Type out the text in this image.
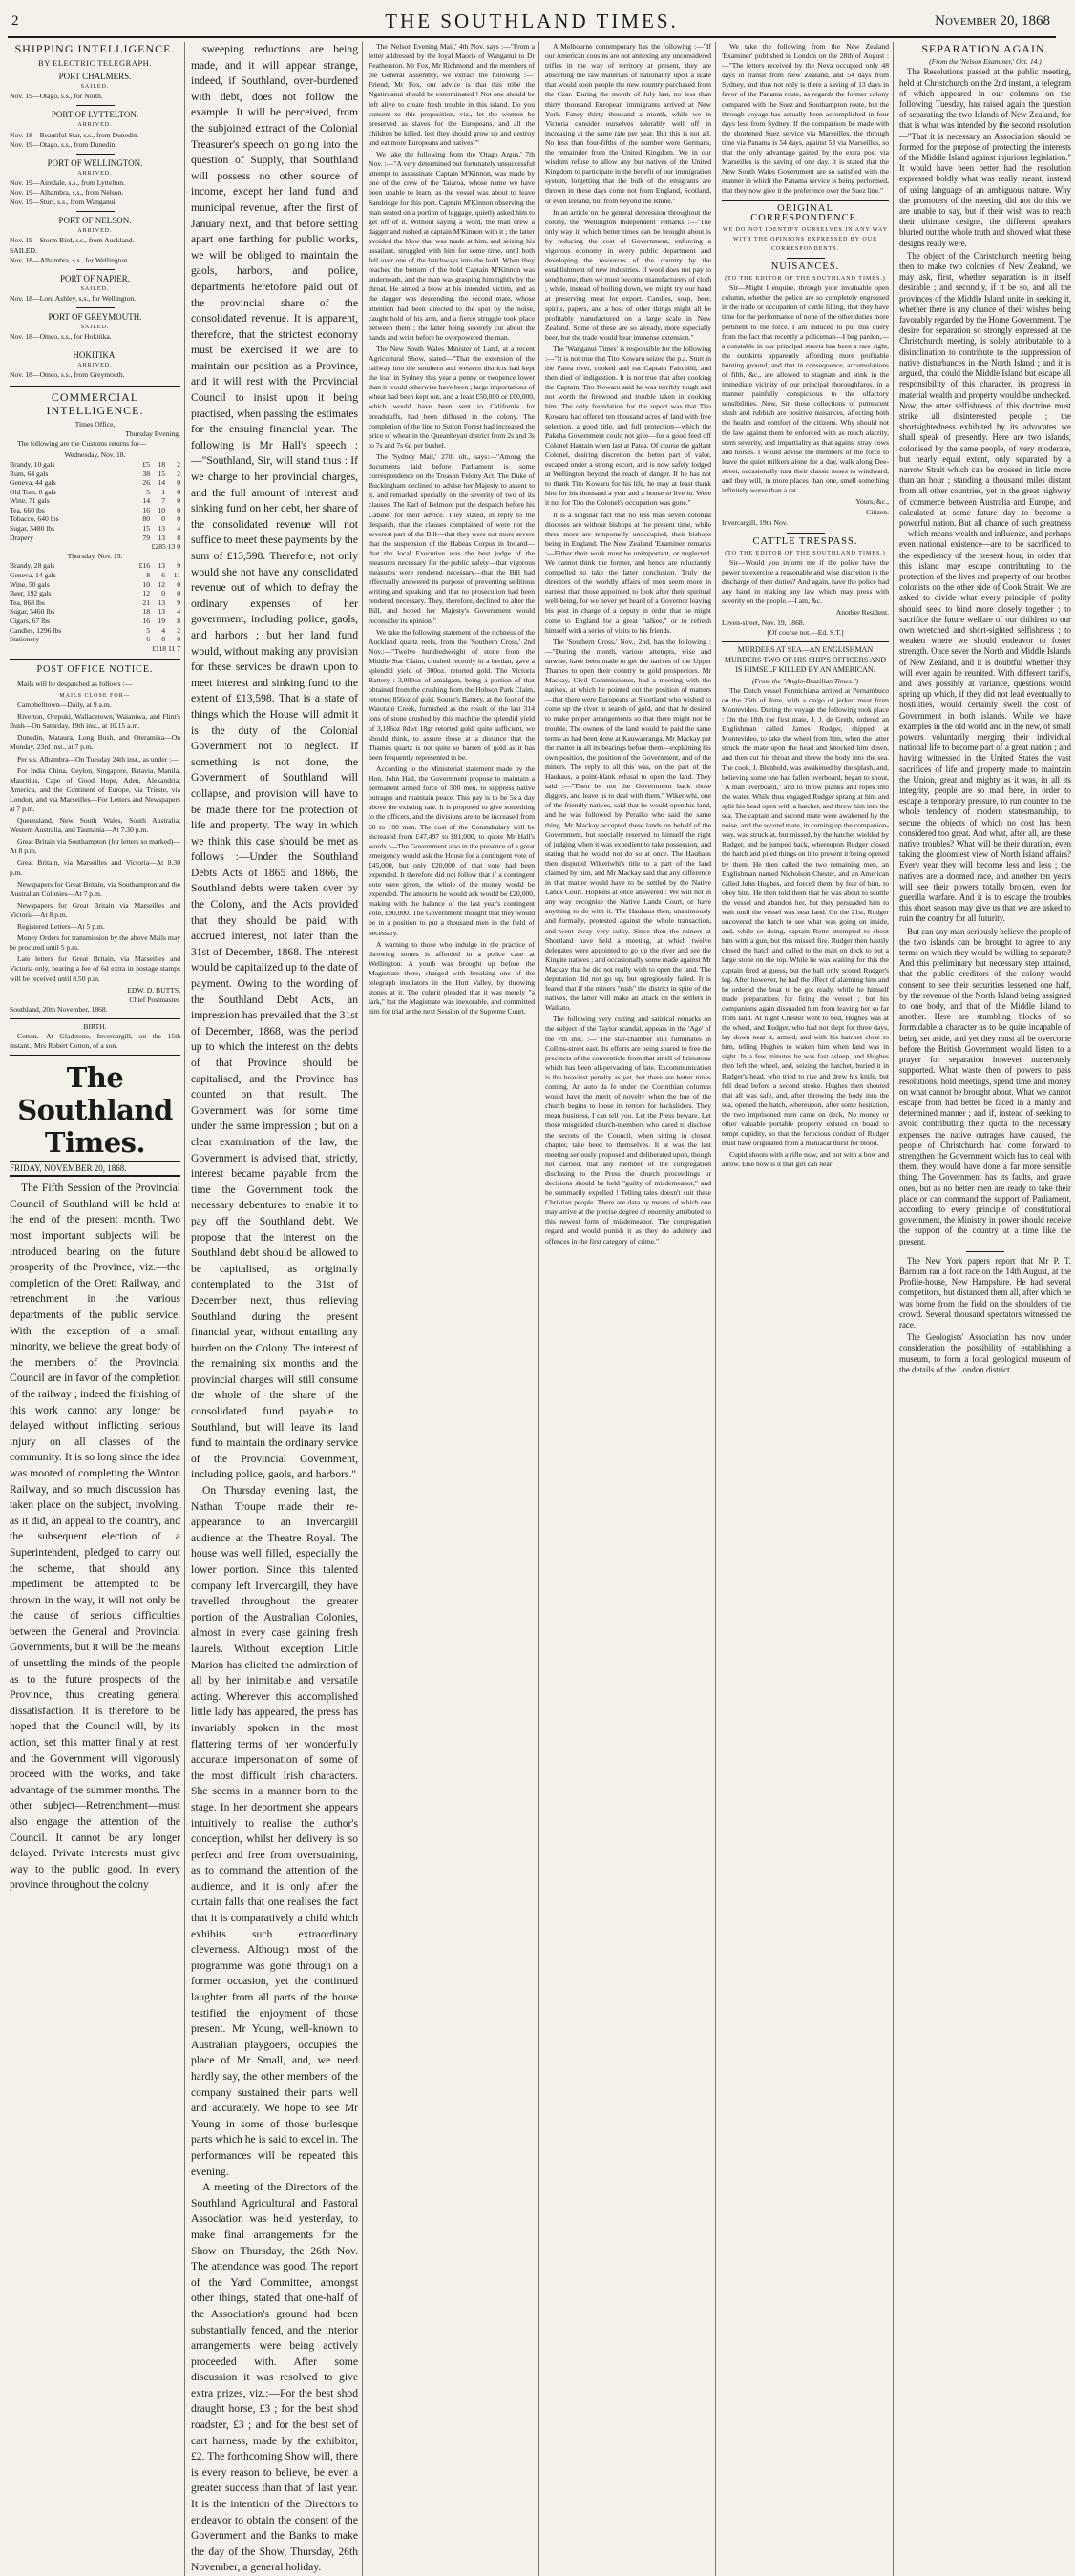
2	THE SOUTHLAND TIMES.	November 20, 1868
SHIPPING INTELLIGENCE.
BY ELECTRIC TELEGRAPH.
PORT CHALMERS.
SAILED.
Nov. 19—Otago, s.s., for North.
PORT OF LYTTELTON.
ARRIVED.
Nov. 18—Beautiful Star, s.s., from Dunedin.
Nov. 19—Otago, s.s., from Dunedin.
PORT OF WELLINGTON.
ARRIVED.
Nov. 19—Airedale, s.s., from Lyttelton.
Nov. 19—Alhambra, s.s., from Nelson.
Nov. 19—Sturt, s.s., from Wanganui.
PORT OF NELSON.
ARRIVED.
Nov. 19—Storm Bird, s.s., from Auckland.
SAILED.
Nov. 18—Alhambra, s.s., for Wellington.
PORT OF NAPIER.
SAILED.
Nov. 18—Lord Ashley, s.s., for Wellington.
PORT OF GREYMOUTH.
SAILED.
Nov. 18—Omeo, s.s., for Hokitika.
HOKITIKA.
ARRIVED.
Nov. 18—Omeo, s.s., from Greymouth.
COMMERCIAL INTELLIGENCE.
Times Office,
Thursday Evening.
The following are the Customs returns for—
Wednesday, Nov. 18.
Brandy, 10 gals	£5	18	2
Rum, 64 gals	38	15	2
Geneva, 44 gals	26	14	0
Old Tom, 8 gals	5	1	8
Wine, 71 gals	14	7	0
Tea, 660 lbs	16	10	0
Tobacco, 640 lbs	80	0	0
Sugar, 5480 lbs	15	13	4
Drapery	79	13	8
£285 13 0
Thursday, Nov. 19.
Brandy, 28 gals	£16	13	9
Geneva, 14 gals	8	6	11
Wine, 50 gals	10	12	0
Beer, 192 gals	12	0	0
Tea, 868 lbs	21	13	9
Sugar, 5460 lbs	18	13	4
Cigars, 67 lbs	16	19	8
Candles, 1296 lbs	5	4	2
Stationery	6	8	0
£118 11 7
POST OFFICE NOTICE.
Mails will be despatched as follows :—
MAILS CLOSE FOR—
Campbelltown—Daily, at 9 a.m.
Riverton, Orepuki, Wallacetown, Waianiwa, and Flint's Bush—On Saturday, 19th inst., at 10.15 a.m.
Dunedin, Mataura, Long Bush, and Oteramika—On Monday, 23rd inst., at 7 p.m.
Per s.s. Alhambra—On Tuesday 24th inst., as under :—
For India China, Ceylon, Singapore, Batavia, Manila, Mauritius, Cape of Good Hope, Aden, Alexandria, America, and the Continent of Europe, via Trieste, via London, and via Marseilles—For Letters and Newspapers at 7 p.m.
Queensland, New South Wales, South Australia, Western Australia, and Tasmania—At 7.30 p.m.
Great Britain via Southampton (for letters so marked)—At 8 p.m.
Great Britain, via Marseilles and Victoria—At 8.30 p.m.
Newspapers for Great Britain, via Southampton and the Australian Colonies—At 7 p.m.
Newspapers for Great Britain via Marseilles and Victoria—At 8 p.m.
Registered Letters—At 5 p.m.
Money Orders for transmission by the above Mails may be procured until 5 p.m.
Late letters for Great Britain, via Marseilles and Victoria only, bearing a fee of 6d extra in postage stamps will be received until 8.50 p.m.
EDW. D. BUTTS,
Chief Postmaster.
Southland, 20th November, 1868.
BIRTH.
Cotton.—At Gladstone, Invercargill, on the 15th instant., Mrs Robert Cotton, of a son.
The Southland Times.
FRIDAY, NOVEMBER 20, 1868.
The Fifth Session of the Provincial Council of Southland will be held at the end of the present month. Two most important subjects will be introduced bearing on the future prosperity of the Province, viz.—the completion of the Oreti Railway, and retrenchment in the various departments of the public service. With the exception of a small minority, we believe the great body of the members of the Provincial Council are in favor of the completion of the railway ; indeed the finishing of this work cannot any longer be delayed without inflicting serious injury on all classes of the community. It is so long since the idea was mooted of completing the Winton Railway, and so much discussion has taken place on the subject, involving, as it did, an appeal to the country, and the subsequent election of a Superintendent, pledged to carry out the scheme, that should any impediment be attempted to be thrown in the way, it will not only be the cause of serious difficulties between the General and Provincial Governments, but it will be the means of unsettling the minds of the people as to the future prospects of the Province, thus creating general dissatisfaction. It is therefore to be hoped that the Council will, by its action, set this matter finally at rest, and the Government will vigorously proceed with the works, and take advantage of the summer months. The other subject—Retrenchment—must also engage the attention of the Council. It cannot be any longer delayed. Private interests must give way to the public good. In every province throughout the colony
sweeping reductions are being made, and it will appear strange, indeed, if Southland, over-burdened with debt, does not follow the example. It will be perceived, from the subjoined extract of the Colonial Treasurer's speech on going into the question of Supply, that Southland will possess no other source of income, except her land fund and municipal revenue, after the first of January next, and that before setting apart one farthing for public works, we will be obliged to maintain the gaols, harbors, and police, departments heretofore paid out of the provincial share of the consolidated revenue. It is apparent, therefore, that the strictest economy must be exercised if we are to maintain our position as a Province, and it will rest with the Provincial Council to insist upon it being practised, when passing the estimates for the ensuing financial year. The following is Mr Hall's speech :—"Southland, Sir, will stand thus : If we charge to her provincial charges, and the full amount of interest and sinking fund on her debt, her share of the consolidated revenue will not suffice to meet these payments by the sum of £13,598. Therefore, not only would she not have any consolidated revenue out of which to defray the ordinary expenses of her government, including police, gaols, and harbors ; but her land fund would, without making any provision for these services be drawn upon to meet interest and sinking fund to the extent of £13,598. That is a state of things which the House will admit it is the duty of the Colonial Government not to neglect. If something is not done, the Government of Southland will collapse, and provision will have to be made there for the protection of life and property. The way in which we think this case should be met as follows :—Under the Southland Debts Acts of 1865 and 1866, the Southland debts were taken over by the Colony, and the Acts provided that they should be paid, with accrued interest, not later than the 31st of December, 1868. The interest would be capitalized up to the date of payment. Owing to the wording of the Southland Debt Acts, an impression has prevailed that the 31st of December, 1868, was the period up to which the interest on the debts of that Province should be capitalised, and the Province has counted on that result. The Government was for some time under the same impression ; but on a clear examination of the law, the Government is advised that, strictly, interest became payable from the time the Government took the necessary debentures to enable it to pay off the Southland debt. We propose that the interest on the Southland debt should be allowed to be capitalised, as originally contemplated to the 31st of December next, thus relieving Southland during the present financial year, without entailing any burden on the Colony. The interest of the remaining six months and the provincial charges will still consume the whole of the share of the consolidated fund payable to Southland, but will leave its land fund to maintain the ordinary service of the Provincial Government, including police, gaols, and harbors."
On Thursday evening last, the Nathan Troupe made their re-appearance to an Invercargill audience at the Theatre Royal. The house was well filled, especially the lower portion. Since this talented company left Invercargill, they have travelled throughout the greater portion of the Australian Colonies, almost in every case gaining fresh laurels. Without exception Little Marion has elicited the admiration of all by her inimitable and versatile acting. Wherever this accomplished little lady has appeared, the press has invariably spoken in the most flattering terms of her wonderfully accurate impersonation of some of the most difficult Irish characters. She seems in a manner born to the stage. In her deportment she appears intuitively to realise the author's conception, whilst her delivery is so perfect and free from overstraining, as to command the attention of the audience, and it is only after the curtain falls that one realises the fact that it is comparatively a child which exhibits such extraordinary cleverness. Although most of the programme was gone through on a former occasion, yet the continued laughter from all parts of the house testified the enjoyment of those present. Mr Young, well-known to Australian playgoers, occupies the place of Mr Small, and, we need hardly say, the other members of the company sustained their parts well and accurately. We hope to see Mr Young in some of those burlesque parts which he is said to excel in. The performances will be repeated this evening.
A meeting of the Directors of the Southland Agricultural and Pastoral Association was held yesterday, to make final arrangements for the Show on Thursday, the 26th Nov. The attendance was good. The report of the Yard Committee, amongst other things, stated that one-half of the Association's ground had been substantially fenced, and the interior arrangements were being actively proceeded with. After some discussion it was resolved to give extra prizes, viz.:—For the best shod draught horse, £3 ; for the best shod roadster, £3 ; and for the best set of cart harness, made by the exhibitor, £2. The forthcoming Show will, there is every reason to believe, be even a greater success than that of last year. It is the intention of the Directors to endeavor to obtain the consent of the Government and the Banks to make the day of the Show, Thursday, 26th November, a general holiday.
The 'Nelson Evening Mail,' 4th Nov. says :—"From a letter addressed by the loyal Maoris of Wanganui to Dr Featherston. Mr Fox, Mr Richmond, and the members of the General Assembly, we extract the following :—' Friend, Mr Fox, our advice is that this tribe the Ngatiruanui should be exterminated ! Not one should be left alive to create fresh trouble in this island. Do you consent to this proposition, viz., let the women be preserved as slaves for the Europeans, and all the children be killed, lest they should grow up and destroy and eat more Europeans and natives.'"
We take the following from the 'Otago Argus,' 7th Nov. :—"A very determined but fortunately unsuccessful attempt to assassinate Captain M'Kinnon, was made by one of the crew of the Taiaroa, whose name we have been unable to learn, as the vessel was about to leave Sandridge for this port. Captain M'Kinnon observing the man seated on a portion of luggage, quietly asked him to get off of it. Without saying a word, the man drew a dagger and rushed at captain M'Kinnon with it ; the latter avoided the blow that was made at him, and seizing his assailant, struggled with him for some time, until both fell over one of the hatchways into the hold. When they reached the bottom of the hold Captain M'Kinnon was underneath, and the man was grasping him tightly by the throat. He aimed a blow at his intended victim, and as the dagger was descending, the second mate, whose attention had been directed to the spot by the noise, caught hold of his arm, and a fierce struggle took place between them ; the latter being severely cut about the hands and wrist before he overpowered the man.
The New South Wales Minister of Land, at a recent Agricultural Show, stated—"That the extension of the railway into the southern and western districts had kept the loaf in Sydney this year a penny or twopence lower than it would otherwise have been ; large importations of wheat had been kept out, and a least £50,000 or £60,000, which would have been sent to California for breadstuffs, had been diffused in the colony. The completion of the line to Sutton Forest had increased the price of wheat in the Queanbeyan district from 2s and 3s to 7s and 7s 6d per bushel.
The 'Sydney Mail,' 27th ult., says:—"Among the documents laid before Parliament is some correspondence on the Treason Felony Act. The Duke of Buckingham declined to advise her Majesty to assent to it, and remarked specially on the severity of two of its clauses. The Earl of Belmore put the despatch before his Cabinet for their advice. They stated, in reply to the despatch, that the clauses complained of were not the severest part of the Bill—that they were not more severe that the suspension of the Habeas Corpus in Ireland—that the local Executive was the best judge of the measures necessary for the public safety—that vigorous measures were rendered necessary—that the Bill had effectually answered its purpose of preventing seditious writing and speaking, and that no prosecution had been rendered necessary. They, therefore, declined to alter the Bill, and hoped her Majesty's Government would reconsider its opinion."
We take the following statement of the richness of the Auckland quartz reefs, from the 'Southern Cross,' 2nd Nov.:—"Twelve hundredweight of stone from the Middle Star Claim, crushed recently in a berdan, gave a splendid yield of 300oz. retorted gold. The Victoria Battery : 3,000oz of amalgam, being a portion of that obtained from the crushing from the Hobson Park Claim, retorted 856oz of gold. Souter's Battery, at the foot of the Waiotahi Creek, furnished as the result of the last 314 tons of stone crushed by this machine the splendid yield of 3,186oz 8dwt 18gr retorted gold, quite sufficient, we should think, to assure those at a distance that the Thames quartz is not quite so barren of gold as it has been frequently represented to be.
According to the Ministerial statement made by the Hon. John Hall, the Government propose to maintain a permanent armed force of 500 men, to suppress native outrages and maintain peace. This pay is to be 5s a day above the existing rate. It is proposed to give something to the officers, and the divisions are to be increased from 60 to 100 men. The cost of the Constabulary will be increased from £47,497 to £81,000, to quote Mr Hall's words :—The Government also in the presence of a great emergency would ask the House for a contingent vote of £45,000, but only £20,000 of that vote had been expended. It therefore did not follow that if a contingent vote were given, the whole of the money would be expended. The amounts he would ask would be £20,000, making with the balance of the last year's contingent vote, £90,000. The Government thought that they would be in a position to put a thousand men in the field of necessary.
A warning to those who indulge in the practice of throwing stones is afforded in a police case at Wellington. A youth was brought up before the Magistrate there, charged with breaking one of the telegraph insulators in the Hutt Valley, by throwing stones at it. The culprit pleaded that it was merely "a lark," but the Magistrate was inexorable, and committed him for trial at the next Session of the Supreme Court.
A Melbourne contemporary has the following :—"If our American cousins are not annexing any unconsidered trifles in the way of territory at present, they are absorbing the raw materials of nationality upon a scale that would soon people the new country purchased from the Czar. During the month of July last, no less than thirty thousand European immigrants arrived at New York. Fancy thirty thousand a month, while we in Victoria consider ourselves tolerably well off in increasing at the same rate per year. But this is not all. No less than four-fifths of the number were Germans, the remainder from the United Kingdom. We in our wisdom refuse to allow any but natives of the United Kingdom to participate in the benefit of our immigration system, forgetting that the bulk of the emigrants are thrown in these days come not from England, Scotland, or even Ireland, but from beyond the Rhine."
In an article on the general depression throughout the colony, the 'Wellington Independent' remarks :—"The only way in which better times can be brought about is by reducing the cost of Government, enforcing a vigorous economy in every public department and developing the resources of the country by the establishment of new industries. If wool does not pay to send home, then we must become manufacturers of cloth ; while, instead of boiling down, we might try our hand at preserving meat for export. Candles, soap, beer, spirits, papers, and a host of other things might all be profitably manufactured on a large scale in New Zealand. Some of these are so already, more especially beer, but the trade would bear immense extension."
The 'Wanganui Times' is responsible for the following :—"It is not true that Tito Kowaru seized the p.a. Sturt in the Patea river, cooked and eat Captain Fairchild, and then died of indigestion. It is not true that after cooking the Captain, Tito Kowaru said he was terribly tough and not worth the firewood and trouble taken in cooking him. The only foundation for the report was that Tito Kowaru had offered ten thousand acres of land with free selection, a good title, and full protection—which the Pakeha Government could not give—for a good feed off Colonel Hautain when last at Patea. Of course the gallant Colonel, desiring discretion the better part of valor, escaped under a strong escort, and is now safely lodged at Wellington beyond the reach of danger. If he has not to thank Tito Kowaru for his life, he may at least thank him for his thousand a year and a house to live in. Were it not for Tito the Colonel's occupation was gone."
It is a singular fact that no less than seven colonial dioceses are without bishops at the present time, while three more are temporarily unoccupied, their bishops being in England. The New Zealand 'Examiner' remarks :—Either their work must be unimportant, or neglected. We cannot think the former, and hence are reluctantly compelled to take the latter conclusion. Truly the directors of the worldly affairs of men seem more in earnest than those appointed to look after their spiritual well-being, for we never yet heard of a Governor leaving his post in charge of a deputy in order that he might come to England for a great "talkee," or to refresh himself with a series of visits to his friends.
The 'Southern Cross,' Nov., 2nd, has the following :—"During the month, various attempts, wise and unwise, have been made to get the natives of the Upper Thames to open their country to gold prospectors. Mr Mackay, Civil Commissioner, had a meeting with the natives, at which he pointed out the position of matters—that there were Europeans at Shortland who wished to come up the river in search of gold, and that he desired to make proper arrangements so that there might not be trouble. The owners of the land would be paid the same terms as had been done at Kauwaeranga. Mr Mackay put the matter in all its bearings before them—explaining his own position, the position of the Government, and of the miners. The reply to all this was, on the part of the Hauhaus, a point-blank refusal to open the land. They said :—"Then let not the Government back those diggers, and leave us to deal with them." Wikeriwhi, one of the friendly natives, said that he would open his land, and he was followed by Peraiko who said the same thing. Mr Mackay accepted these lands on behalf of the Government, but specially reserved to himself the right of judging when it was expedient to take possession, and stating that he would not do so at once. The Hauhaus then disputed Wikeriwhi's title to a part of the land claimed by him, and Mr Mackay said that any difference in that matter would have to be settled by the Native Lands Court. Hopkins at once answered : We will not in any way recognise the Native Lands Court, or have anything to do with it. The Hauhaus then, unanimously and formally, protested against the whole transaction, and went away very sulky. Since then the miners at Shortland have held a meeting, at which twelve delegates were appointed to go up the river and see the Kingite natives ; and occasionally some made against Mr Mackay that he did not really wish to open the land. The deputation did not go up, but egregiously failed. It is feared that if the miners "rush" the district in spite of the natives, the latter will make an attack on the settlers in Waikato.
The following very cutting and satirical remarks on the subject of the Taylor scandal, appears in the 'Age' of the 7th inst. :—"The star-chamber still fulminates in Collins-street east. Its efforts are being spared to free the precincts of the conventicle from that smell of brimstone which has been all-pervading of late. Excommunication is the heaviest penalty as yet, but there are better times coming. An auto da fe under the Corinthian columns would have the merit of novelty when the hue of the church begins to loose its terrors for backsliders. They mean business, I can tell you. Let the Press beware. Let those misguided church-members who dared to disclose the secrets of the Council, when sitting in closest chapter, take heed to themselves. It at was the last meeting seriously proposed and deliberated upon, though not carried, that any member of the congregation disclosing to the Press the church proceedings or decisions should be held "guilty of misdemeanor," and be summarily expelled ! Telling tales doesn't suit these Christian people. There are data by means of which one may arrive at the precise degree of enormity attributed to this newest form of misdemeanor. The congregation regard and would punish it as they do adultery and offences in the first category of crime."
We take the following from the New Zealand 'Examiner' published in London on the 28th of August :—"The letters received by the Neva occupied only 48 days in transit from New Zealand, and 54 days from Sydney, and thus not only is there a saving of 13 days in favor of the Panama route, as regards the former colony compared with the Suez and Southampton route, but the through voyage has actually been accomplished in four days less from Sydney. If the comparison be made with the shortened Suez service via Marseilles, the through time via Panama is 54 days, against 53 via Marseilles, so that the only advantage gained by the extra post via Marseilles is the saving of one day. It is stated that the New South Wales Government are so satisfied with the manner in which the Panama service is being performed, that they now give it the preference over the Suez line."
ORIGINAL CORRESPONDENCE.
WE DO NOT IDENTIFY OURSELVES IN ANY WAY WITH THE OPINIONS EXPRESSED BY OUR CORRESPONDENTS.
NUISANCES.
(TO THE EDITOR OF THE SOUTHLAND TIMES.)
Sir—Might I enquire, through your invaluable open column, whether the police are so completely engrossed in the trade or occupation of cattle lifting, that they have time for the performance of none of the other duties more pertinent to the force. I am induced to put this query from the fact that recently a policeman—I beg pardon,—a constable in our principal streets has been a rare sight, the outskirts apparently affording more profitable hunting ground, and that in consequence, accumulations of filth, &c., are allowed to stagnate and stink in the immediate vicinity of our principal thoroughfares, in a manner painfully conspicuous to the olfactory sensibilities. Now, Sir, these collections of putrescent slush and rubbish are positive nuisances, affecting both the health and comfort of the citizens. Why should not the law against them be enforced with as much alacrity, stern severity, and impartiality as that against stray cows and horses. I would advise the members of the force to leave the quiet milkers alone for a day, walk along Dee-street, occasionally turn their classic noses to windward, and they will, in more places than one, smell something infinitely worse than a rat.
Yours, &c.,
Citizen.
Invercargill, 19th Nov.
CATTLE TRESPASS.
(TO THE EDITOR OF THE SOUTHLAND TIMES.)
Sir—Would you inform me if the police have the power to exercise a reasonable and wise discretion in the discharge of their duties? And again, have the police had any hand in making any law which may press with severity on the people.—I am, &c.
Another Resident.
Leven-street, Nov. 19, 1868.
[Of course not.—Ed. S.T.]
MURDERS AT SEA—AN ENGLISHMAN MURDERS TWO OF HIS SHIP'S OFFICERS AND IS HIMSELF KILLED BY AN AMERICAN.
(From the "Anglo-Brazilian Times.")
The Dutch vessel Fennichiana arrived at Pernambuco on the 25th of June, with a cargo of jerked meat from Montevideo. During the voyage the following took place : On the 18th the first mate, J. J. de Greth, ordered an Englishman called James Rudger, shipped at Montevideo, to take the wheel from him, when the latter struck the mate upon the head and knocked him down, and then cut his throat and threw the body into the sea. The cook, J. Blenhold, was awakened by the splash, and, believing some one had fallen overboard, began to shout, "A man overboard," and to throw planks and ropes into the water. While thus engaged Rudger sprang at him and split his head open with a hatchet, and threw him into the sea. The captain and second mate were awakened by the noise, and the second mate, in coming up the companion-way, was struck at, but missed, by the hatchet wielded by Rudger, and he jumped back, whereupon Rudger closed the hatch and piled things on it to prevent it being opened by them. He then called the two remaining men, an Englishman named Nicholson Chester, and an American called John Hughes, and forced them, by fear of him, to obey him. He then told them that he was about to scuttle the vessel and abandon her, but they persuaded him to wait until the vessel was near land. On the 21st, Rudger uncovered the hatch to see what was going on inside, and, while so doing, captain Rotte attempted to shoot him with a gun, but this missed fire. Rudger then hastily closed the hatch and called to the man on deck to put a large stone on the top. While he was waiting for this the captain fired at guess, but the ball only scored Rudger's leg. After however, he had the effect of alarming him and he ordered the boat to be got ready, while he himself made preparations for firing the vessel ; but his companions again dissuaded him from leaving her so far from land. At night Chester went to bed, Hughes was at the wheel, and Rudger, who had not slept for three days, lay down near it, armed, and with his hatchet close to him, telling Hughes to waken him when land was in sight. In a few minutes he was fast asleep, and Hughes then left the wheel, and, seizing the hatchet, buried it in Rudger's head, who tried to rise and drew his knife, but fell dead before a second stroke. Hughes then shouted that all was safe, and, after throwing the body into the sea, opened the hatch, whereupon, after some hesitation, the two imprisoned men came on deck, No money or other valuable portable property existed on board to tempt cupidity, so that the ferocious conduct of Rudger must have originated from a maniacal thirst for blood.
Cupid shoots with a rifle now, and not with a bow and arrow. Else how is it that girl can hear
SEPARATION AGAIN.
(From the 'Nelson Examiner,' Oct. 14.)
The Resolutions passed at the public meeting, held at Christchurch on the 2nd instant, a telegram of which appeared in our columns on the following Tuesday, has raised again the question of separating the two Islands of New Zealand, for that is what was intended by the second resolution—"That it is necessary an Association should be formed for the purpose of protecting the interests of the Middle Island against injurious legislation." It would have been better had the resolution expressed boldly what was really meant, instead of using language of an ambiguous nature. Why the promoters of the meeting did not do this we are unable to say, but if their wish was to reach their ultimate designs, the different speakers blurted out the whole truth and showed what these designs really were.
The object of the Christchurch meeting being then to make two colonies of New Zealand, we may ask, first, whether separation is in itself desirable ; and secondly, if it be so, and all the provinces of the Middle Island unite in seeking it, whether there is any chance of their wishes being favorably regarded by the Home Government. The desire for separation so strongly expressed at the Christchurch meeting, is solely attributable to a disinclination to contribute to the suppression of native disturbances in the North Island ; and it is argued, that could the Middle Island but escape all responsibility of this character, its progress in material wealth and property would be unchecked. Now, the utter selfishness of this doctrine must strike all disinterested people ; the shortsightedness exhibited by its advocates we shall speak of presently. Here are two islands, colonised by the same people, of very moderate, but nearly equal extent, only separated by a narrow Strait which can be crossed in little more than an hour ; standing a thousand miles distant from all other countries, yet in the great highway of commerce between Australia and Europe, and calculated at some future day to become a powerful nation. But all chance of such greatness—which means wealth and influence, and perhaps even national existence—are to be sacrificed to the expediency of the present hour, in order that this island may escape contributing to the protection of the lives and property of our brother colonists on the other side of Cook Strait. We are asked to divide what every principle of polity should seek to bind more closely together ; to sacrifice the future welfare of our children to our own wretched and short-sighted selfishness ; to weaken where we should endeavor to foster strength. Once sever the North and Middle Islands of New Zealand, and it is doubtful whether they will ever again be reunited. With different tariffs, and laws possibly at variance, questions would spring up which, if they did not lead eventually to hostilities, would certainly swell the cost of Government in both islands. While we have examples in the old world and in the new, of small powers voluntarily merging their individual national life to become part of a great nation ; and having witnessed in the United States the vast sacrifices of life and property made to maintain the Union, great and mighty as it was, in all its integrity, people are so mad here, in order to escape a temporary pressure, to run counter to the whole tendency of modern statesmanship, to secure the objects of which no cost has been considered too great. And what, after all, are these native troubles? What will be their duration, even taking the gloomiest view of North Island affairs? Every year they will become less and less ; the natives are a doomed race, and another ten years will see their powers totally broken, even for guerilla warfare. And it is to escape the troubles this short season may give us that we are asked to ruin the country for all futurity.
But can any man seriously believe the people of the two islands can be brought to agree to any terms on which they would be willing to separate? And this preliminary but necessary step attained, that the public creditors of the colony would consent to see their securities lessened one half, by the revenue of the North Island being assigned to one body, and that of the Middle Island to another. Here are stumbling blocks of so formidable a character as to be quite incapable of being set aside, and yet they must all be overcome before the British Government would listen to a prayer for separation however numerously supported. What waste then of powers to pass resolutions, hold meetings, spend time and money on what cannot be brought about. What we cannot escape from had better be faced in a manly and determined manner ; and if, instead of seeking to avoid contributing their quota to the necessary expenses the native outrages have caused, the people of Christchurch had come forward to strengthen the Government which has to deal with them, they would have done a far more sensible thing. The Government has its faults, and grave ones, but as no better men are ready to take their place or can command the support of Parliament, according to every principle of constitutional government, the Ministry in power should receive the support of the country at a time like the present.
The New York papers report that Mr P. T. Barnum ran a foot race on the 14th August, at the Profile-house, New Hampshire. He had several competitors, but distanced them all, after which he was borne from the field on the shoulders of the crowd. Several thousand spectators witnessed the race.
The Geologists' Association has now under consideration the possibility of establishing a museum, to form a local geological museum of the details of the London district.
